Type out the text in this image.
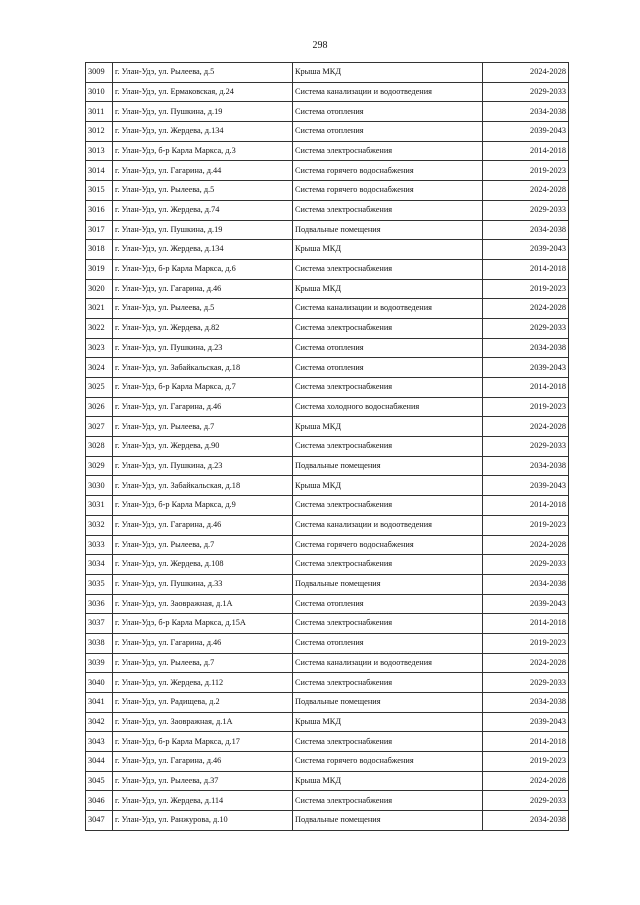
298
3009	г. Улан-Удэ, ул. Рылеева, д.5	Крыша МКД	2024-2028
3010	г. Улан-Удэ, ул. Ермаковская, д.24	Система канализации и водоотведения	2029-2033
3011	г. Улан-Удэ, ул. Пушкина, д.19	Система отопления	2034-2038
3012	г. Улан-Удэ, ул. Жердева, д.134	Система отопления	2039-2043
3013	г. Улан-Удэ, б-р Карла Маркса, д.3	Система электроснабжения	2014-2018
3014	г. Улан-Удэ, ул. Гагарина, д.44	Система горячего водоснабжения	2019-2023
3015	г. Улан-Удэ, ул. Рылеева, д.5	Система горячего водоснабжения	2024-2028
3016	г. Улан-Удэ, ул. Жердева, д.74	Система электроснабжения	2029-2033
3017	г. Улан-Удэ, ул. Пушкина, д.19	Подвальные помещения	2034-2038
3018	г. Улан-Удэ, ул. Жердева, д.134	Крыша МКД	2039-2043
3019	г. Улан-Удэ, б-р Карла Маркса, д.6	Система электроснабжения	2014-2018
3020	г. Улан-Удэ, ул. Гагарина, д.46	Крыша МКД	2019-2023
3021	г. Улан-Удэ, ул. Рылеева, д.5	Система канализации и водоотведения	2024-2028
3022	г. Улан-Удэ, ул. Жердева, д.82	Система электроснабжения	2029-2033
3023	г. Улан-Удэ, ул. Пушкина, д.23	Система отопления	2034-2038
3024	г. Улан-Удэ, ул. Забайкальская, д.18	Система отопления	2039-2043
3025	г. Улан-Удэ, б-р Карла Маркса, д.7	Система электроснабжения	2014-2018
3026	г. Улан-Удэ, ул. Гагарина, д.46	Система холодного водоснабжения	2019-2023
3027	г. Улан-Удэ, ул. Рылеева, д.7	Крыша МКД	2024-2028
3028	г. Улан-Удэ, ул. Жердева, д.90	Система электроснабжения	2029-2033
3029	г. Улан-Удэ, ул. Пушкина, д.23	Подвальные помещения	2034-2038
3030	г. Улан-Удэ, ул. Забайкальская, д.18	Крыша МКД	2039-2043
3031	г. Улан-Удэ, б-р Карла Маркса, д.9	Система электроснабжения	2014-2018
3032	г. Улан-Удэ, ул. Гагарина, д.46	Система канализации и водоотведения	2019-2023
3033	г. Улан-Удэ, ул. Рылеева, д.7	Система горячего водоснабжения	2024-2028
3034	г. Улан-Удэ, ул. Жердева, д.108	Система электроснабжения	2029-2033
3035	г. Улан-Удэ, ул. Пушкина, д.33	Подвальные помещения	2034-2038
3036	г. Улан-Удэ, ул. Заовражная, д.1А	Система отопления	2039-2043
3037	г. Улан-Удэ, б-р Карла Маркса, д.15А	Система электроснабжения	2014-2018
3038	г. Улан-Удэ, ул. Гагарина, д.46	Система отопления	2019-2023
3039	г. Улан-Удэ, ул. Рылеева, д.7	Система канализации и водоотведения	2024-2028
3040	г. Улан-Удэ, ул. Жердева, д.112	Система электроснабжения	2029-2033
3041	г. Улан-Удэ, ул. Радищева, д.2	Подвальные помещения	2034-2038
3042	г. Улан-Удэ, ул. Заовражная, д.1А	Крыша МКД	2039-2043
3043	г. Улан-Удэ, б-р Карла Маркса, д.17	Система электроснабжения	2014-2018
3044	г. Улан-Удэ, ул. Гагарина, д.46	Система горячего водоснабжения	2019-2023
3045	г. Улан-Удэ, ул. Рылеева, д.37	Крыша МКД	2024-2028
3046	г. Улан-Удэ, ул. Жердева, д.114	Система электроснабжения	2029-2033
3047	г. Улан-Удэ, ул. Ранжурова, д.10	Подвальные помещения	2034-2038
